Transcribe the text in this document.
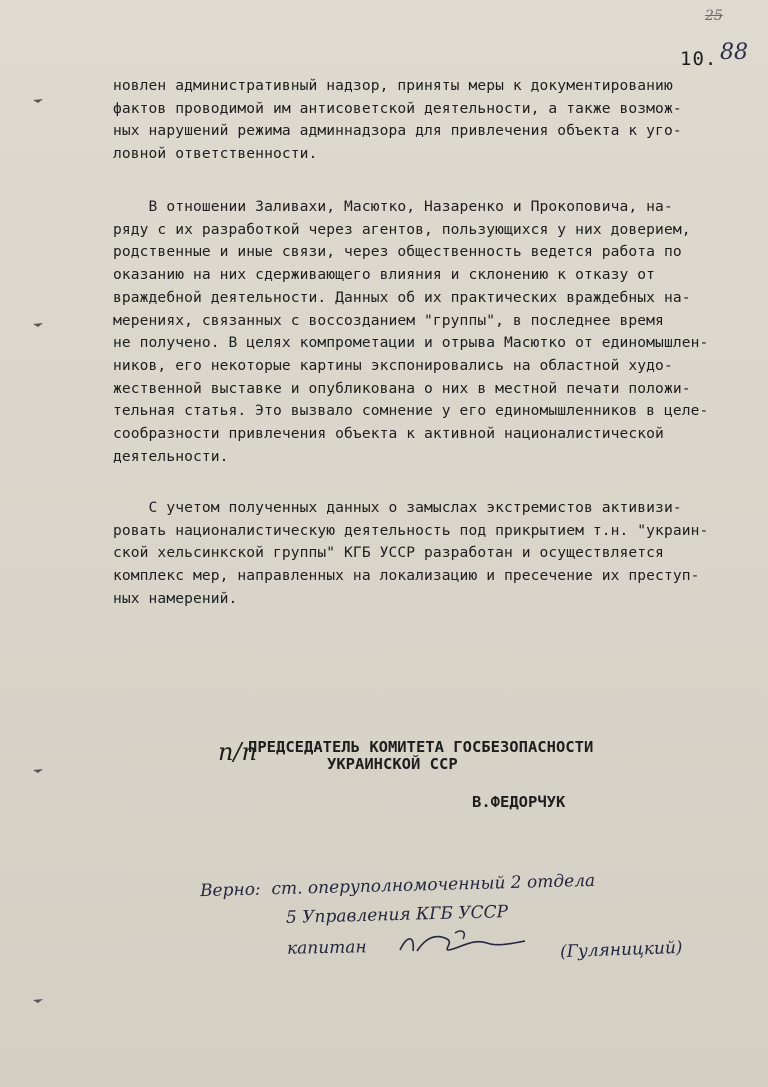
25
10. 88
новлен административный надзор, приняты меры к документированию
фактов проводимой им антисоветской деятельности, а также возмож-
ных нарушений режима админнадзора для привлечения объекта к уго-
ловной ответственности.
В отношении Заливахи, Масютко, Назаренко и Прокоповича, на-
ряду с их разработкой через агентов, пользующихся у них доверием,
родственные и иные связи, через общественность ведется работа по
оказанию на них сдерживающего влияния и склонению к отказу от
враждебной деятельности. Данных об их практических враждебных на-
мерениях, связанных с воссозданием "группы", в последнее время
не получено. В целях компрометации и отрыва Масютко от единомышлен-
ников, его некоторые картины экспонировались на областной худо-
жественной выставке и опубликована о них в местной печати положи-
тельная статья. Это вызвало сомнение у его единомышленников в целе-
сообразности привлечения объекта к активной националистической
деятельности.
С учетом полученных данных о замыслах экстремистов активизи-
ровать националистическую деятельность под прикрытием т.н. "украин-
ской хельсинкской группы" КГБ УССР разработан и осуществляется
комплекс мер, направленных на локализацию и пресечение их преступ-
ных намерений.
п/п
ПРЕДСЕДАТЕЛЬ КОМИТЕТА ГОСБЕЗОПАСНОСТИ
УКРАИНСКОЙ ССР
В.ФЕДОРЧУК
Верно:  ст. оперуполномоченный 2 отдела
5 Управления КГБ УССР
капитан	(Гуляницкий)
